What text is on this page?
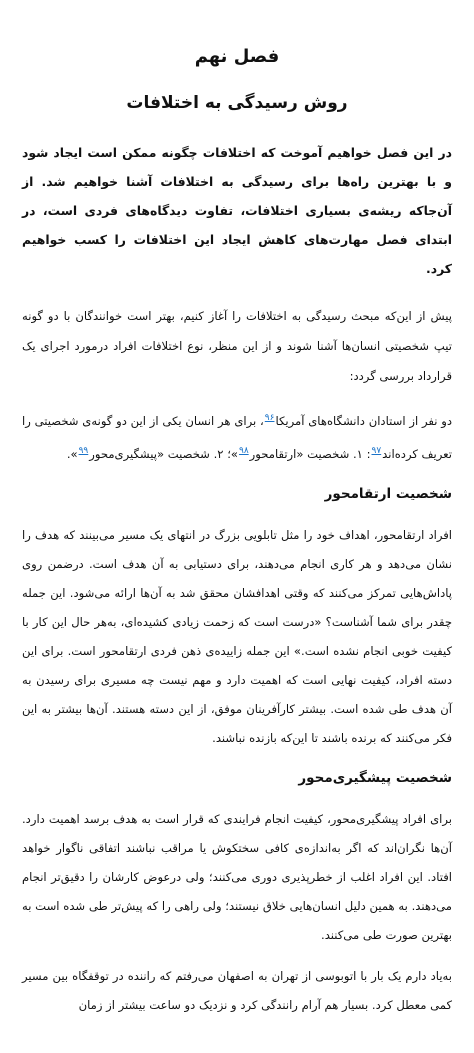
فصل نهم
روش رسیدگی به اختلافات

در این فصل خواهیم آموخت که اختلافات چگونه ممکن است ایجاد شود و با بهترین راه‌ها برای رسیدگی به اختلافات آشنا خواهیم شد. از آن‌جاکه ریشه‌ی بسیاری اختلافات، تفاوت دیدگاه‌های فردی است، در ابتدای فصل مهارت‌های کاهش ایجاد این اختلافات را کسب خواهیم کرد.

پیش از این‌که مبحث رسیدگی به اختلافات را آغاز کنیم، بهتر است خوانندگان با دو گونه تیپ شخصیتی انسان‌ها آشنا شوند و از این منظر، نوع اختلافات افراد درمورد اجرای یک قرارداد بررسی گردد:

دو نفر از استادان دانشگاه‌های آمریکا$^{۹۶}$، برای هر انسان یکی از این دو گونه‌ی شخصیتی را تعریف کرده‌اند$^{۹۷}$: ۱. شخصیت «ارتقامحور$^{۹۸}$»؛ ۲. شخصیت «پیشگیری‌محور$^{۹۹}$».

شخصیت ارتقامحور

افراد ارتقامحور، اهداف خود را مثل تابلویی بزرگ در انتهای یک مسیر می‌بینند که هدف را نشان می‌دهد و هر کاری انجام می‌دهند، برای دستیابی به آن هدف است. درضمن روی پاداش‌هایی تمرکز می‌کنند که وقتی اهدافشان محقق شد به آن‌ها ارائه می‌شود. این جمله چقدر برای شما آشناست؟ «درست است که زحمت زیادی کشیده‌ای، به‌هر حال این کار با کیفیت خوبی انجام نشده است.» این جمله زاییده‌ی ذهن فردی ارتقامحور است. برای این دسته افراد، کیفیت نهایی است که اهمیت دارد و مهم نیست چه مسیری برای رسیدن به آن هدف طی شده است. بیشتر کارآفرینان موفق، از این دسته هستند. آن‌ها بیشتر به این فکر می‌کنند که برنده باشند تا این‌که بازنده نباشند.

شخصیت پیشگیری‌محور

برای افراد پیشگیری‌محور، کیفیت انجام فرایندی که قرار است به هدف برسد اهمیت دارد. آن‌ها نگران‌اند که اگر به‌اندازه‌ی کافی سختکوش یا مراقب نباشند اتفاقی ناگوار خواهد افتاد. این افراد اغلب از خطرپذیری دوری می‌کنند؛ ولی درعوض کارشان را دقیق‌تر انجام می‌دهند. به همین دلیل انسان‌هایی خلاق نیستند؛ ولی راهی را که پیش‌تر طی شده است به بهترین صورت طی می‌کنند.

به‌یاد دارم یک بار با اتوبوسی از تهران به اصفهان می‌رفتم که راننده در توقفگاه بین مسیر کمی معطل کرد. بسیار هم آرام رانندگی کرد و نزدیک دو ساعت بیشتر از زمان
